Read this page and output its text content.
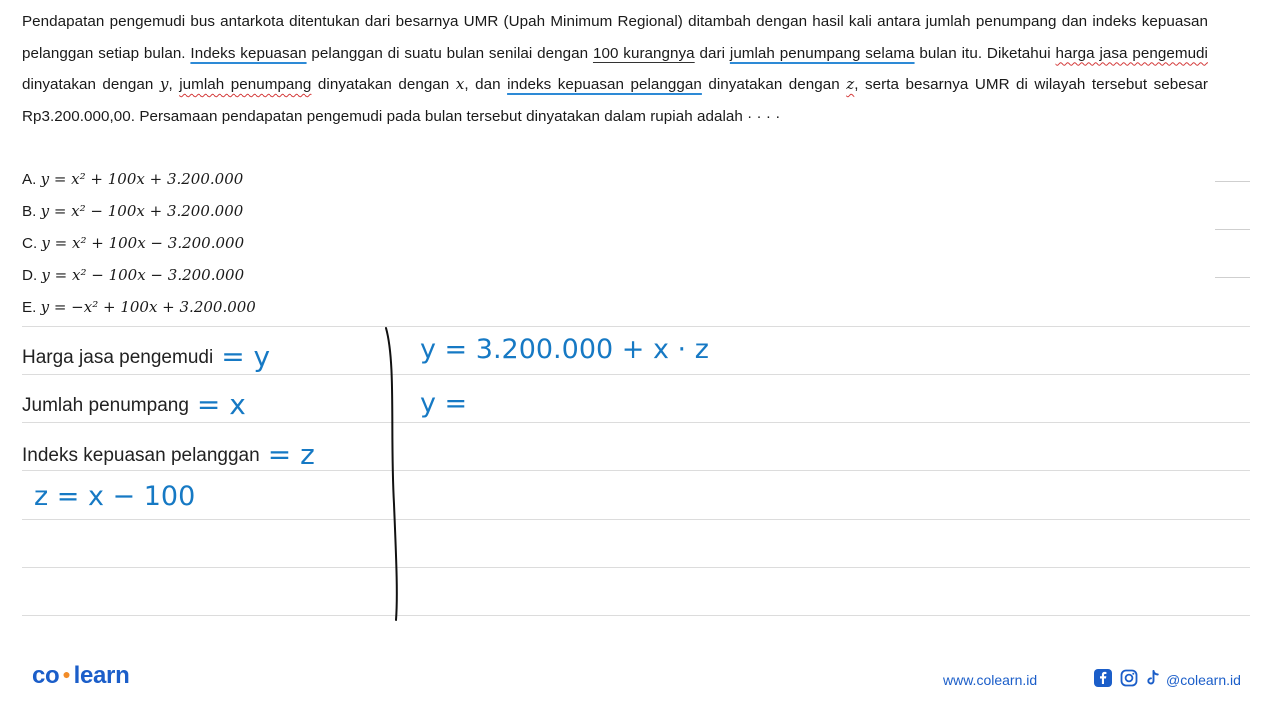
Pendapatan pengemudi bus antarkota ditentukan dari besarnya UMR (Upah Minimum Regional) ditambah dengan hasil kali antara jumlah penumpang dan indeks kepuasan pelanggan setiap bulan. Indeks kepuasan pelanggan di suatu bulan senilai dengan 100 kurangnya dari jumlah penumpang selama bulan itu. Diketahui harga jasa pengemudi dinyatakan dengan y, jumlah penumpang dinyatakan dengan x, dan indeks kepuasan pelanggan dinyatakan dengan z, serta besarnya UMR di wilayah tersebut sebesar Rp3.200.000,00. Persamaan pendapatan pengemudi pada bulan tersebut dinyatakan dalam rupiah adalah · · · ·

A. y = x² + 100x + 3.200.000
B. y = x² − 100x + 3.200.000
C. y = x² + 100x − 3.200.000
D. y = x² − 100x − 3.200.000
E. y = −x² + 100x + 3.200.000
Harga jasa pengemudi = y
Jumlah penumpang = x
Indeks kepuasan pelanggan = z
z = x − 100
y = 3.200.000 + x · z
y =
co ● learn	www.colearn.id	@colearn.id
